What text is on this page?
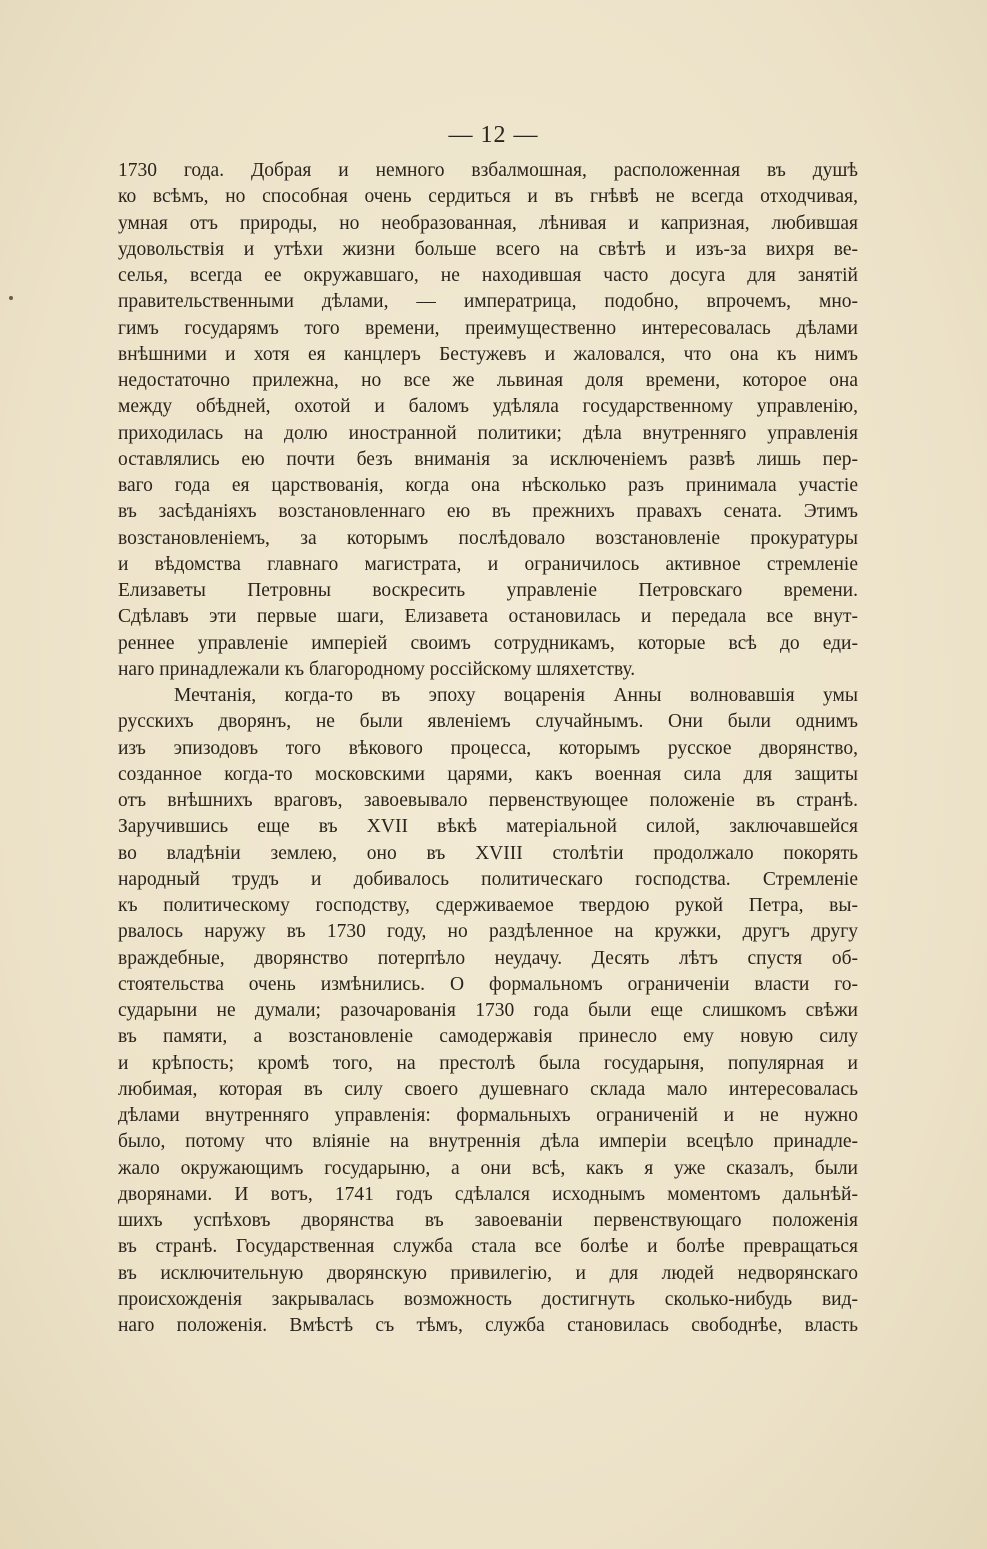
— 12 —
1730 года. Добрая и немного взбалмошная, расположенная въ душѣ
ко всѣмъ, но способная очень сердиться и въ гнѣвѣ не всегда отходчивая,
умная отъ природы, но необразованная, лѣнивая и капризная, любившая
удовольствія и утѣхи жизни больше всего на свѣтѣ и изъ-за вихря ве-
селья, всегда ее окружавшаго, не находившая часто досуга для занятій
правительственными дѣлами, — императрица, подобно, впрочемъ, мно-
гимъ государямъ того времени, преимущественно интересовалась дѣлами
внѣшними и хотя ея канцлеръ Бестужевъ и жаловался, что она къ нимъ
недостаточно прилежна, но все же львиная доля времени, которое она
между обѣдней, охотой и баломъ удѣляла государственному управленію,
приходилась на долю иностранной политики; дѣла внутренняго управленія
оставлялись ею почти безъ вниманія за исключеніемъ развѣ лишь пер-
ваго года ея царствованія, когда она нѣсколько разъ принимала участіе
въ засѣданіяхъ возстановленнаго ею въ прежнихъ правахъ сената. Этимъ
возстановленіемъ, за которымъ послѣдовало возстановленіе прокуратуры
и вѣдомства главнаго магистрата, и ограничилось активное стремленіе
Елизаветы Петровны воскресить управленіе Петровскаго времени.
Сдѣлавъ эти первые шаги, Елизавета остановилась и передала все внут-
реннее управленіе имперіей своимъ сотрудникамъ, которые всѣ до еди-
наго принадлежали къ благородному россійскому шляхетству.
Мечтанія, когда-то въ эпоху воцаренія Анны волновавшія умы
русскихъ дворянъ, не были явленіемъ случайнымъ. Они были однимъ
изъ эпизодовъ того вѣкового процесса, которымъ русское дворянство,
созданное когда-то московскими царями, какъ военная сила для защиты
отъ внѣшнихъ враговъ, завоевывало первенствующее положеніе въ странѣ.
Заручившись еще въ XVII вѣкѣ матеріальной силой, заключавшейся
во владѣніи землею, оно въ XVIII столѣтіи продолжало покорять
народный трудъ и добивалось политическаго господства. Стремленіе
къ политическому господству, сдерживаемое твердою рукой Петра, вы-
рвалось наружу въ 1730 году, но раздѣленное на кружки, другъ другу
враждебные, дворянство потерпѣло неудачу. Десять лѣтъ спустя об-
стоятельства очень измѣнились. О формальномъ ограниченіи власти го-
сударыни не думали; разочарованія 1730 года были еще слишкомъ свѣжи
въ памяти, а возстановленіе самодержавія принесло ему новую силу
и крѣпость; кромѣ того, на престолѣ была государыня, популярная и
любимая, которая въ силу своего душевнаго склада мало интересовалась
дѣлами внутренняго управленія: формальныхъ ограниченій и не нужно
было, потому что вліяніе на внутреннія дѣла имперіи всецѣло принадле-
жало окружающимъ государыню, а они всѣ, какъ я уже сказалъ, были
дворянами. И вотъ, 1741 годъ сдѣлался исходнымъ моментомъ дальнѣй-
шихъ успѣховъ дворянства въ завоеваніи первенствующаго положенія
въ странѣ. Государственная служба стала все болѣе и болѣе превращаться
въ исключительную дворянскую привилегію, и для людей недворянскаго
происхожденія закрывалась возможность достигнуть сколько-нибудь вид-
наго положенія. Вмѣстѣ съ тѣмъ, служба становилась свободнѣе, власть
